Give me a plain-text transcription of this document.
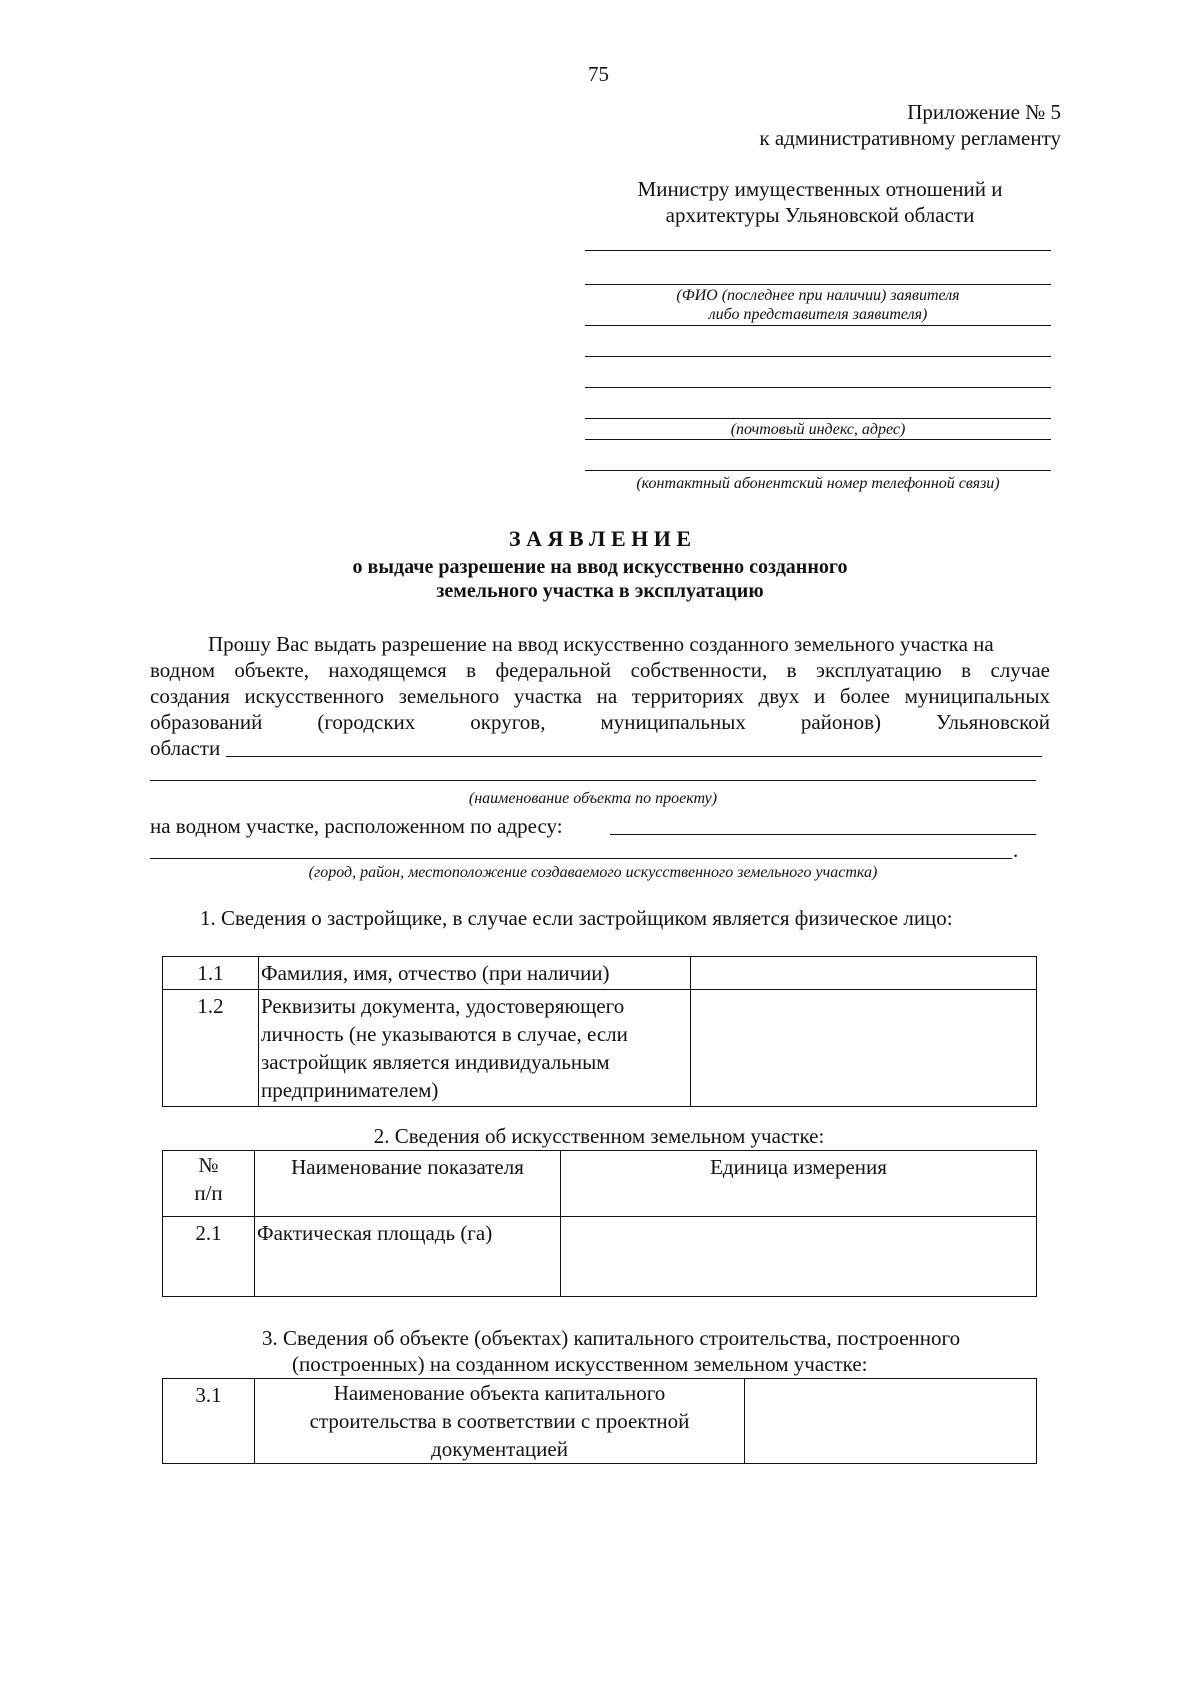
75
Приложение № 5
к административному регламенту
Министру имущественных отношений и
архитектуры Ульяновской области
(ФИО (последнее при наличии) заявителя
либо представителя заявителя)
(почтовый индекс, адрес)
(контактный абонентский номер телефонной связи)
З А Я В Л Е Н И Е
о выдаче разрешение на ввод искусственно созданного
земельного участка в эксплуатацию
Прошу Вас выдать разрешение на ввод искусственно созданного земельного участка на
водном объекте, находящемся в федеральной собственности, в эксплуатацию в случае
создания искусственного земельного участка на территориях двух и более муниципальных
образований	(городских	округов,	муниципальных	районов)	Ульяновской
области
(наименование объекта по проекту)
на водном участке, расположенном по адресу:
.
(город, район, местоположение создаваемого искусственного земельного участка)
1. Сведения о застройщике, в случае если застройщиком является физическое лицо:
1.1	Фамилия, имя, отчество (при наличии)	
1.2	Реквизиты документа, удостоверяющего личность (не указываются в случае, если застройщик является индивидуальным предпринимателем)	
2. Сведения об искусственном земельном участке:
№ п/п	Наименование показателя	Единица измерения
2.1	Фактическая площадь (га)	
3. Сведения об объекте (объектах) капитального строительства, построенного
(построенных) на созданном искусственном земельном участке:
3.1	Наименование объекта капитального строительства в соответствии с проектной документацией	
